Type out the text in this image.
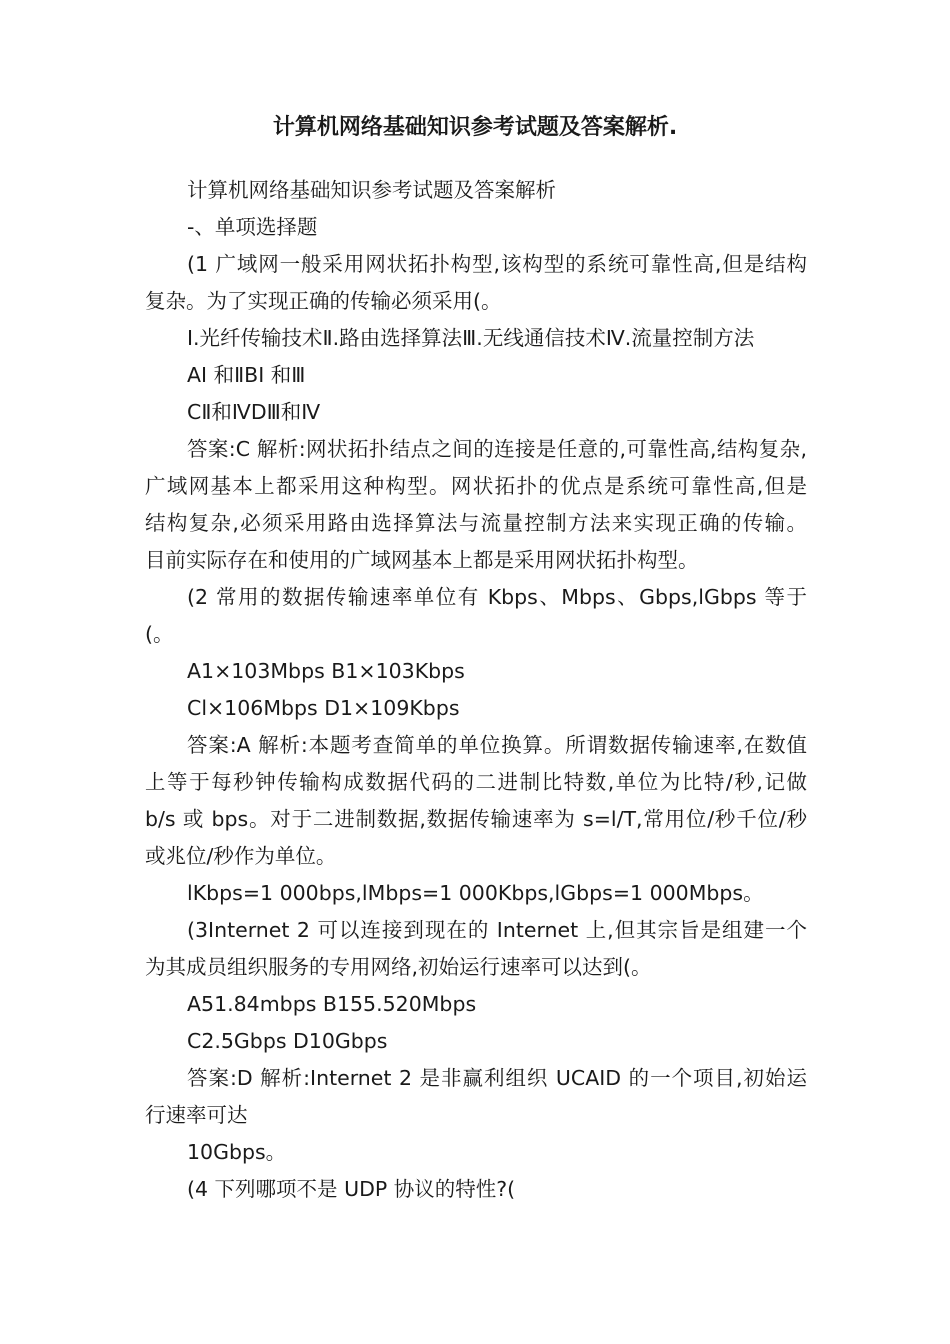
计算机网络基础知识参考试题及答案解析.
计算机网络基础知识参考试题及答案解析
-、单项选择题
(1 广域网一般采用网状拓扑构型,该构型的系统可靠性高,但是结构
复杂。为了实现正确的传输必须采用(。
I.光纤传输技术Ⅱ.路由选择算法Ⅲ.无线通信技术Ⅳ.流量控制方法
AI 和ⅡBI 和Ⅲ
CⅡ和ⅣDⅢ和Ⅳ
答案:C 解析:网状拓扑结点之间的连接是任意的,可靠性高,结构复杂,
广域网基本上都采用这种构型。网状拓扑的优点是系统可靠性高,但是
结构复杂,必须采用路由选择算法与流量控制方法来实现正确的传输。
目前实际存在和使用的广域网基本上都是采用网状拓扑构型。
(2 常用的数据传输速率单位有 Kbps、Mbps、Gbps,lGbps 等于
(。
A1×103Mbps B1×103Kbps
Cl×106Mbps D1×109Kbps
答案:A 解析:本题考查简单的单位换算。所谓数据传输速率,在数值
上等于每秒钟传输构成数据代码的二进制比特数,单位为比特/秒,记做
b/s 或 bps。对于二进制数据,数据传输速率为 s=l/T,常用位/秒千位/秒
或兆位/秒作为单位。
lKbps=1 000bps,lMbps=1 000Kbps,lGbps=1 000Mbps。
(3Internet 2 可以连接到现在的 Internet 上,但其宗旨是组建一个
为其成员组织服务的专用网络,初始运行速率可以达到(。
A51.84mbps B155.520Mbps
C2.5Gbps D10Gbps
答案:D 解析:Internet 2 是非赢利组织 UCAID 的一个项目,初始运
行速率可达
10Gbps。
(4 下列哪项不是 UDP 协议的特性?(
